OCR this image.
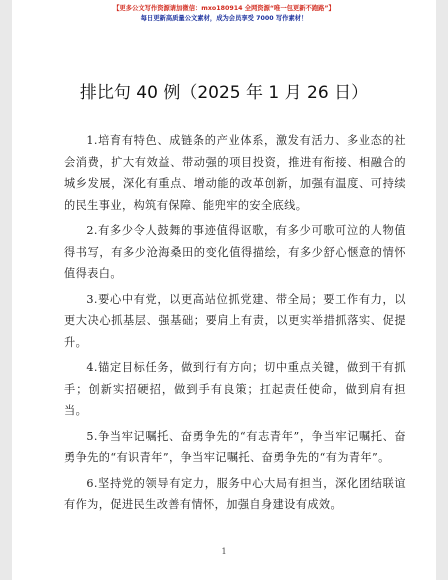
【更多公文写作资源请加微信：mxo180914 全网资源“唯一包更新不跑路”】
每日更新高质量公文素材，成为会员享受 7000 写作素材！
排比句 40 例（2025 年 1 月 26 日）

1.培育有特色、成链条的产业体系，激发有活力、多业态的社会消费，扩大有效益、带动强的项目投资，推进有衔接、相融合的城乡发展，深化有重点、增动能的改革创新，加强有温度、可持续的民生事业，构筑有保障、能兜牢的安全底线。

2.有多少令人鼓舞的事迹值得讴歌，有多少可歌可泣的人物值得书写，有多少沧海桑田的变化值得描绘，有多少舒心惬意的情怀值得表白。

3.要心中有党，以更高站位抓党建、带全局；要工作有力，以更大决心抓基层、强基础；要肩上有责，以更实举措抓落实、促提升。

4.锚定目标任务，做到行有方向；切中重点关键，做到干有抓手；创新实招硬招，做到手有良策；扛起责任使命，做到肩有担当。

5.争当牢记嘱托、奋勇争先的“有志青年”，争当牢记嘱托、奋勇争先的“有识青年”，争当牢记嘱托、奋勇争先的“有为青年”。

6.坚持党的领导有定力，服务中心大局有担当，深化团结联谊有作为，促进民生改善有情怀，加强自身建设有成效。

1
